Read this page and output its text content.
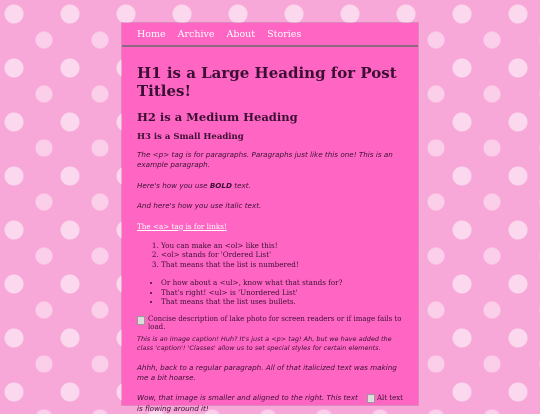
Home Archive About Stories
H1 is a Large Heading for Post Titles!
H2 is a Medium Heading
H3 is a Small Heading

The <p> tag is for paragraphs. Paragraphs just like this one! This is an example paragraph.

Here's how you use BOLD text.

And here's how you use italic text.

The <a> tag is for links!
1. You can make an <ol> like this!
2. <ol> stands for 'Ordered List'
3. That means that the list is numbered!
• Or how about a <ul>, know what that stands for?
• That's right! <ul> is 'Unordered List'
• That means that the list uses bullets.
Concise description of lake photo for screen readers or if image fails to load.

This is an image caption! Huh? It's just a <p> tag! Ah, but we have added the class 'caption'! 'Classes' allow us to set special styles for certain elements.

Ahhh, back to a regular paragraph. All of that italicized text was making me a bit hoarse.

Alt text

Wow, that image is smaller and aligned to the right. This text is flowing around it!
